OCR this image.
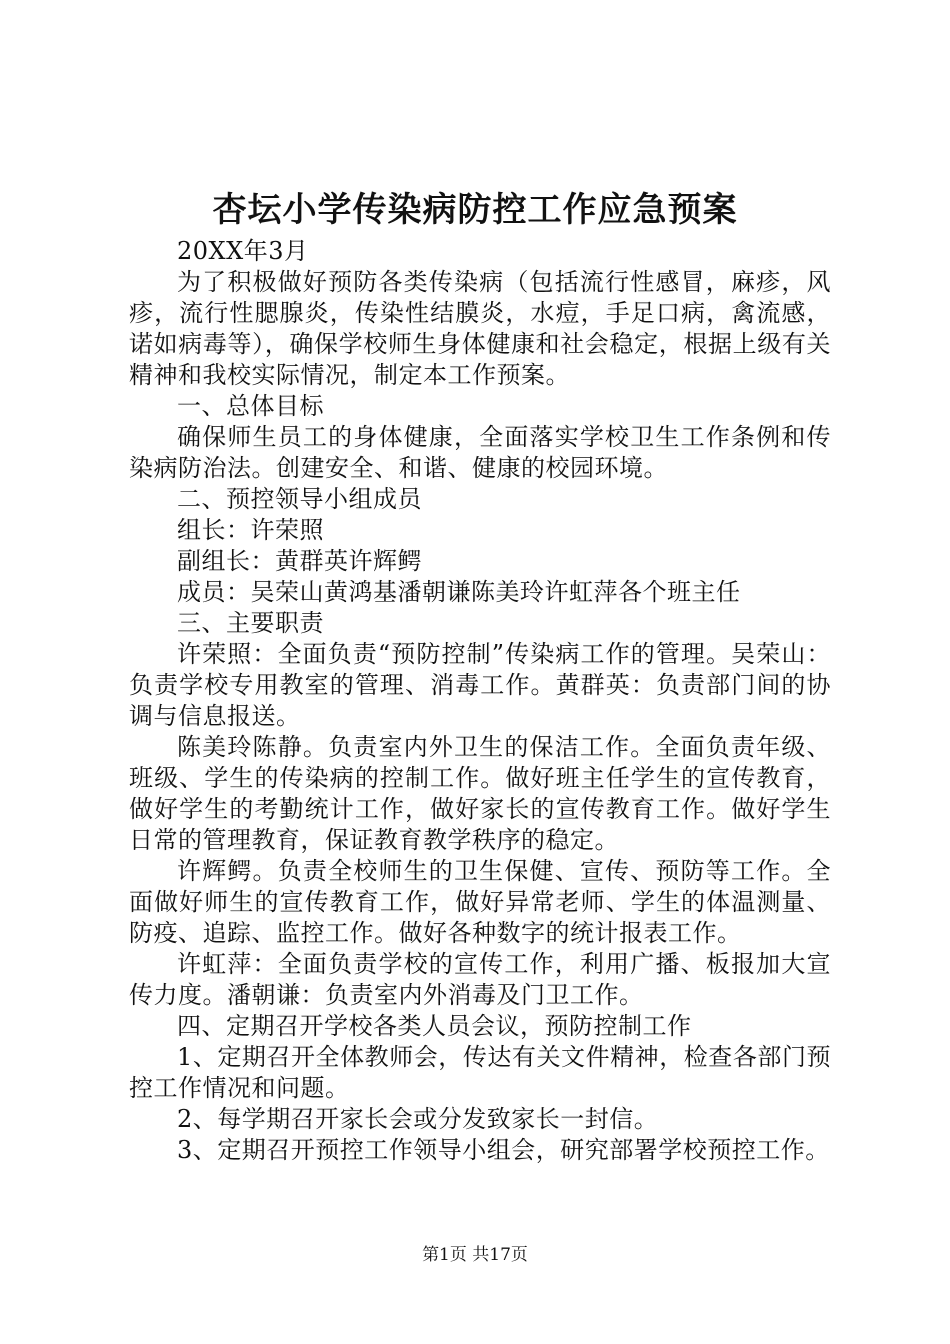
杏坛小学传染病防控工作应急预案

20XX年3月

为了积极做好预防各类传染病（包括流行性感冒，麻疹，风疹，流行性腮腺炎，传染性结膜炎，水痘，手足口病，禽流感，诺如病毒等），确保学校师生身体健康和社会稳定，根据上级有关精神和我校实际情况，制定本工作预案。

一、总体目标

确保师生员工的身体健康，全面落实学校卫生工作条例和传染病防治法。创建安全、和谐、健康的校园环境。

二、预控领导小组成员

组长：许荣照

副组长：黄群英许辉鳄

成员：吴荣山黄鸿基潘朝谦陈美玲许虹萍各个班主任

三、主要职责

许荣照：全面负责“预防控制”传染病工作的管理。吴荣山：负责学校专用教室的管理、消毒工作。黄群英：负责部门间的协调与信息报送。

陈美玲陈静。负责室内外卫生的保洁工作。全面负责年级、班级、学生的传染病的控制工作。做好班主任学生的宣传教育，做好学生的考勤统计工作，做好家长的宣传教育工作。做好学生日常的管理教育，保证教育教学秩序的稳定。

许辉鳄。负责全校师生的卫生保健、宣传、预防等工作。全面做好师生的宣传教育工作，做好异常老师、学生的体温测量、防疫、追踪、监控工作。做好各种数字的统计报表工作。

许虹萍：全面负责学校的宣传工作，利用广播、板报加大宣传力度。潘朝谦：负责室内外消毒及门卫工作。

四、定期召开学校各类人员会议，预防控制工作

1、定期召开全体教师会，传达有关文件精神，检查各部门预控工作情况和问题。

2、每学期召开家长会或分发致家长一封信。

3、定期召开预控工作领导小组会，研究部署学校预控工作。

第1页 共17页
